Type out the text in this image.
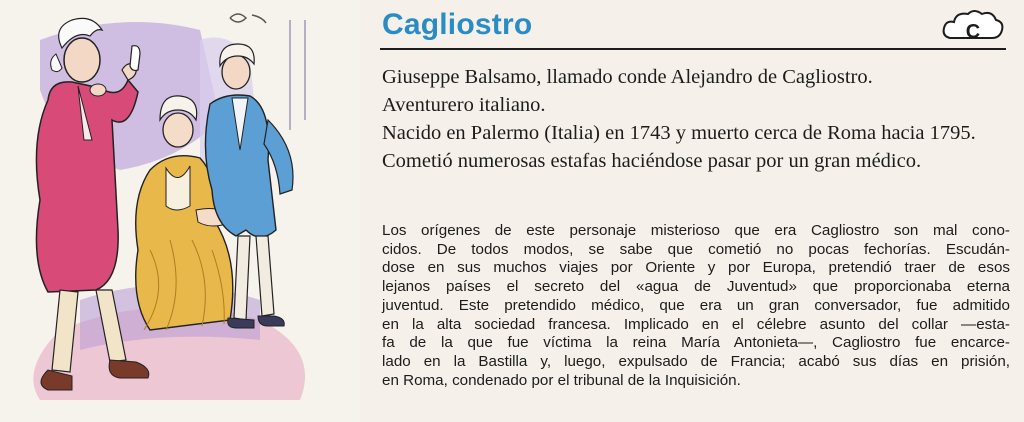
Cagliostro	C

Giuseppe Balsamo, llamado conde Alejandro de Cagliostro.

Aventurero italiano.

Nacido en Palermo (Italia) en 1743 y muerto cerca de Roma hacia 1795.

Cometió numerosas estafas haciéndose pasar por un gran médico.

Los orígenes de este personaje misterioso que era Cagliostro son mal cono-
cidos. De todos modos, se sabe que cometió no pocas fechorías. Escudán-
dose en sus muchos viajes por Oriente y por Europa, pretendió traer de esos
lejanos países el secreto del «agua de Juventud» que proporcionaba eterna
juventud. Este pretendido médico, que era un gran conversador, fue admitido
en la alta sociedad francesa. Implicado en el célebre asunto del collar —esta-
fa de la que fue víctima la reina María Antonieta—, Cagliostro fue encarce-
lado en la Bastilla y, luego, expulsado de Francia; acabó sus días en prisión,
en Roma, condenado por el tribunal de la Inquisición.
